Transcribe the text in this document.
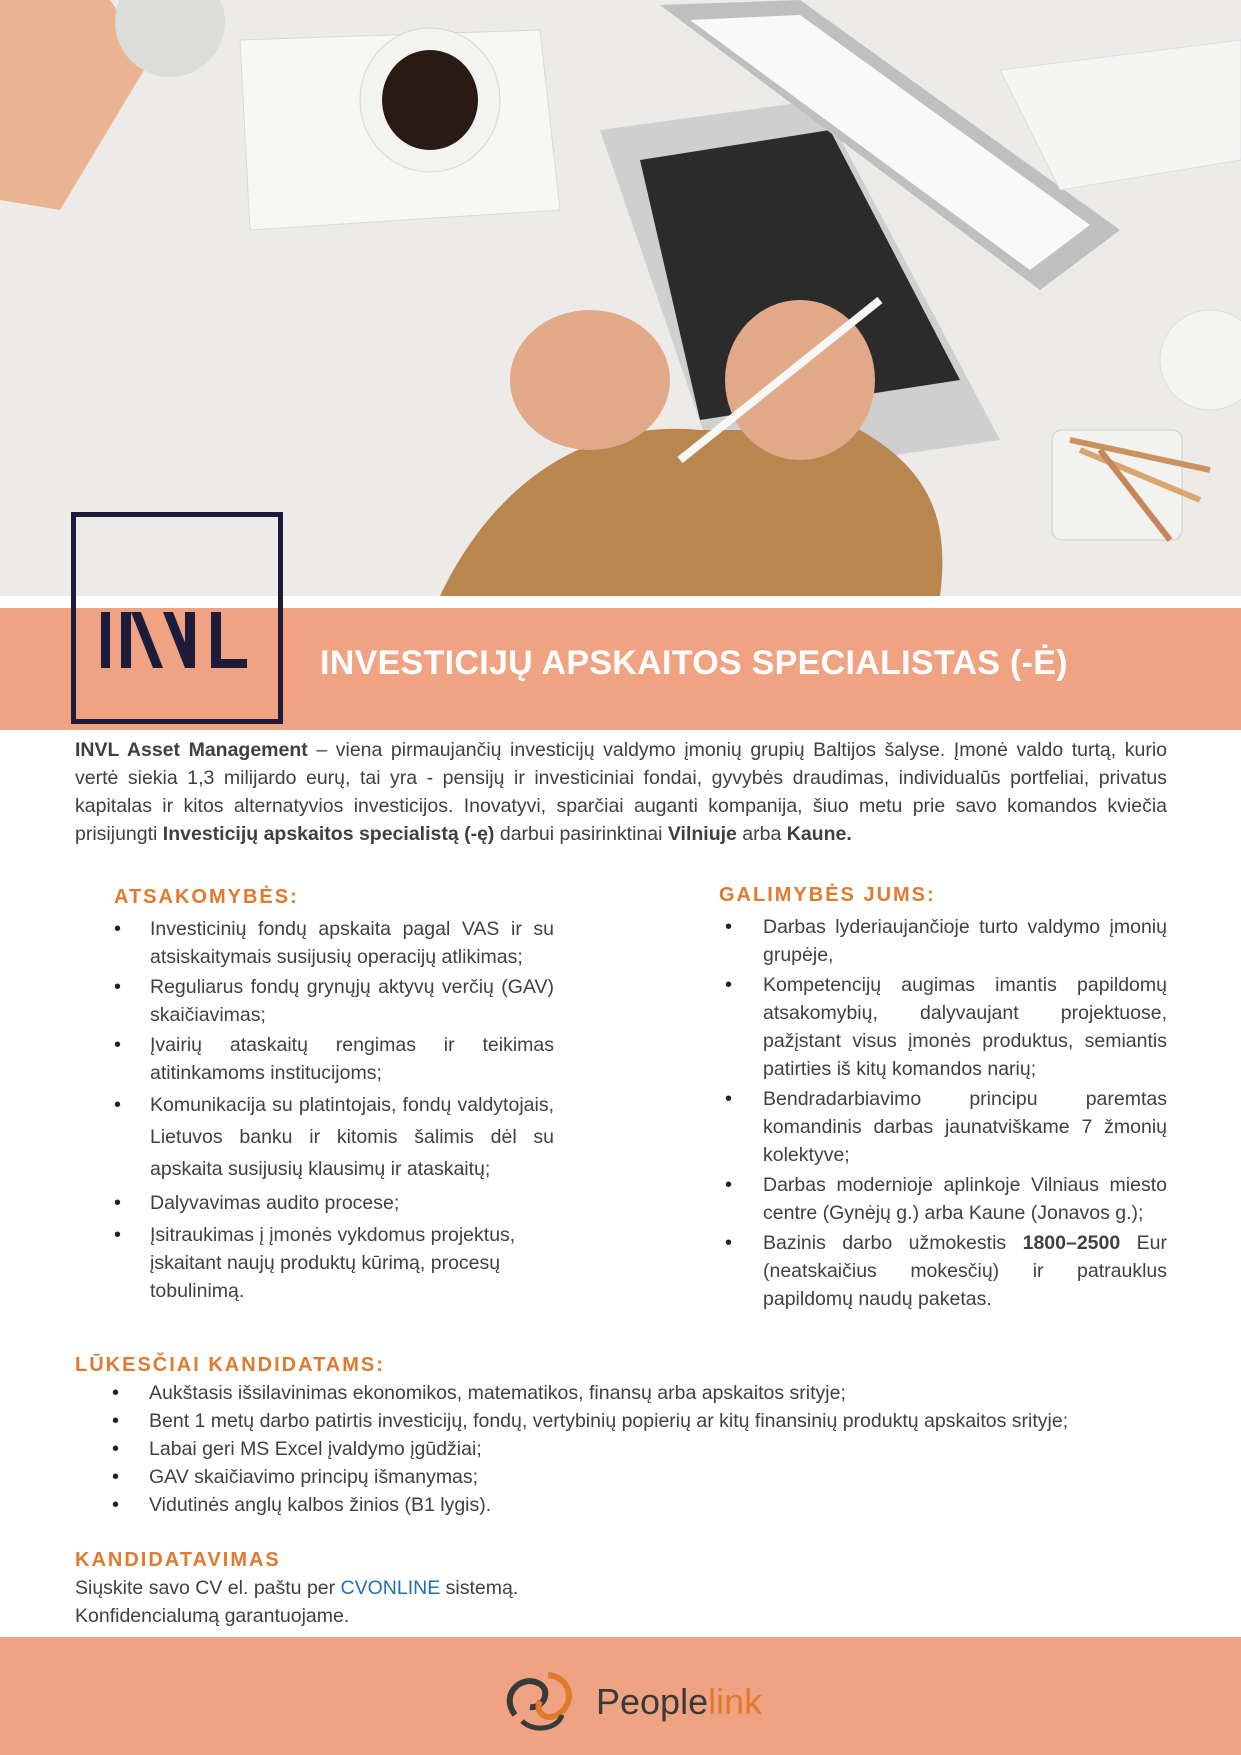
INVESTICIJŲ APSKAITOS SPECIALISTAS (-Ė)
INVL Asset Management – viena pirmaujančių investicijų valdymo įmonių grupių Baltijos šalyse. Įmonė valdo turtą, kurio vertė siekia 1,3 milijardo eurų, tai yra - pensijų ir investiciniai fondai, gyvybės draudimas, individualūs portfeliai, privatus kapitalas ir kitos alternatyvios investicijos. Inovatyvi, sparčiai auganti kompanija, šiuo metu prie savo komandos kviečia prisijungti Investicijų apskaitos specialistą (-ę) darbui pasirinktinai Vilniuje arba Kaune.

ATSAKOMYBĖS:

• Investicinių fondų apskaita pagal VAS ir su atsiskaitymais susijusių operacijų atlikimas;
• Reguliarus fondų grynųjų aktyvų verčių (GAV) skaičiavimas;
• Įvairių ataskaitų rengimas ir teikimas atitinkamoms institucijoms;
• Komunikacija su platintojais, fondų valdytojais, Lietuvos banku ir kitomis šalimis dėl su apskaita susijusių klausimų ir ataskaitų;
• Dalyvavimas audito procese;
• Įsitraukimas į įmonės vykdomus projektus, įskaitant naujų produktų kūrimą, procesų tobulinimą.

GALIMYBĖS JUMS:

• Darbas lyderiaujančioje turto valdymo įmonių grupėje,
• Kompetencijų augimas imantis papildomų atsakomybių, dalyvaujant projektuose, pažįstant visus įmonės produktus, semiantis patirties iš kitų komandos narių;
• Bendradarbiavimo principu paremtas komandinis darbas jaunatviškame 7 žmonių kolektyve;
• Darbas modernioje aplinkoje Vilniaus miesto centre (Gynėjų g.) arba Kaune (Jonavos g.);
• Bazinis darbo užmokestis 1800–2500 Eur (neatskaičius mokesčių) ir patrauklus papildomų naudų paketas.

LŪKESČIAI KANDIDATAMS:

• Aukštasis išsilavinimas ekonomikos, matematikos, finansų arba apskaitos srityje;
• Bent 1 metų darbo patirtis investicijų, fondų, vertybinių popierių ar kitų finansinių produktų apskaitos srityje;
• Labai geri MS Excel įvaldymo įgūdžiai;
• GAV skaičiavimo principų išmanymas;
• Vidutinės anglų kalbos žinios (B1 lygis).

KANDIDATAVIMAS

Siųskite savo CV el. paštu per CVONLINE sistemą.
Konfidencialumą garantuojame.
Peoplelink
